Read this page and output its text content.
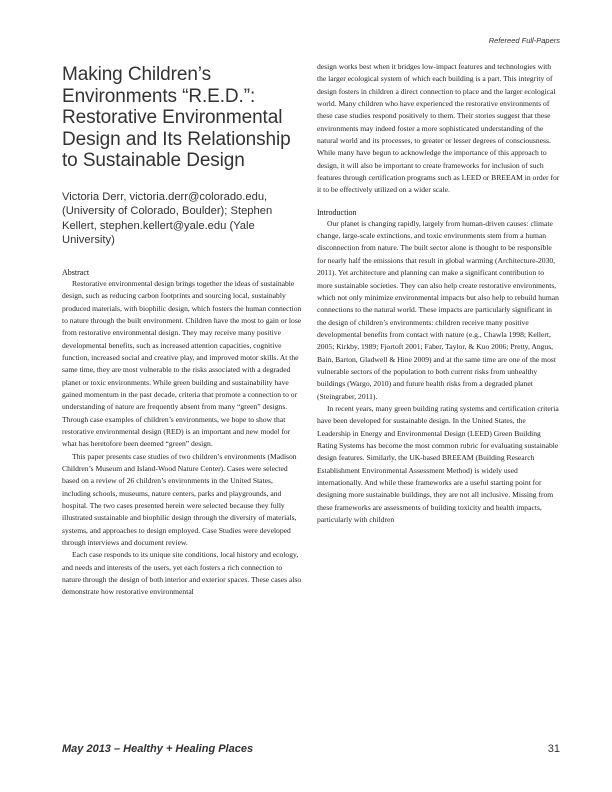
Refereed Full-Papers
Making Children’s Environments “R.E.D.”: Restorative Environmental Design and Its Relationship to Sustainable Design

Victoria Derr, victoria.derr@colorado.edu, (University of Colorado, Boulder); Stephen Kellert, stephen.kellert@yale.edu (Yale University)

Abstract

Restorative environmental design brings together the ideas of sustainable design, such as reducing carbon footprints and sourcing local, sustainably produced materials, with biophilic design, which fosters the human connection to nature through the built environment. Children have the most to gain or lose from restorative environmental design. They may receive many positive developmental benefits, such as increased attention capacities, cognitive function, increased social and creative play, and improved motor skills. At the same time, they are most vulnerable to the risks associated with a degraded planet or toxic environments. While green building and sustainability have gained momentum in the past decade, criteria that promote a connection to or understanding of nature are frequently absent from many “green” designs. Through case examples of children’s environments, we hope to show that restorative environmental design (RED) is an important and new model for what has heretofore been deemed “green” design.

This paper presents case studies of two children’s environments (Madison Children’s Museum and Island-Wood Nature Center). Cases were selected based on a review of 26 children’s environments in the United States, including schools, museums, nature centers, parks and playgrounds, and hospital. The two cases presented herein were selected because they fully illustrated sustainable and biophilic design through the diversity of materials, systems, and approaches to design employed. Case Studies were developed through interviews and document review.

Each case responds to its unique site conditions, local history and ecology, and needs and interests of the users, yet each fosters a rich connection to nature through the design of both interior and exterior spaces. These cases also demonstrate how restorative environmental

design works best when it bridges low-impact features and technologies with the larger ecological system of which each building is a part. This integrity of design fosters in children a direct connection to place and the larger ecological world. Many children who have experienced the restorative environments of these case studies respond positively to them. Their stories suggest that these environments may indeed foster a more sophisticated understanding of the natural world and its processes, to greater or lesser degrees of consciousness. While many have begun to acknowledge the importance of this approach to design, it will also be important to create frameworks for inclusion of such features through certification programs such as LEED or BREEAM in order for it to be effectively utilized on a wider scale.

Introduction

Our planet is changing rapidly, largely from human-driven causes: climate change, large-scale extinctions, and toxic environments stem from a human disconnection from nature. The built sector alone is thought to be responsible for nearly half the emissions that result in global warming (Architecture-2030, 2011). Yet architecture and planning can make a significant contribution to more sustainable societies. They can also help create restorative environments, which not only minimize environmental impacts but also help to rebuild human connections to the natural world. These impacts are particularly significant in the design of children’s environments: children receive many positive developmental benefits from contact with nature (e.g., Chawla 1998; Kellert, 2005; Kirkby, 1989; Fjortoft 2001; Faber, Taylor, & Kuo 2006; Pretty, Angus, Bain, Barton, Gladwell & Hine 2009) and at the same time are one of the most vulnerable sectors of the population to both current risks from unhealthy buildings (Wargo, 2010) and future health risks from a degraded planet (Steingraber, 2011).

In recent years, many green building rating systems and certification criteria have been developed for sustainable design. In the United States, the Leadership in Energy and Environmental Design (LEED) Green Building Rating Systems has become the most common rubric for evaluating sustainable design features. Similarly, the UK-based BREEAM (Building Research Establishment Environmental Assessment Method) is widely used internationally. And while these frameworks are a useful starting point for designing more sustainable buildings, they are not all inclusive. Missing from these frameworks are assessments of building toxicity and health impacts, particularly with children

May 2013 – Healthy + Healing Places	31
